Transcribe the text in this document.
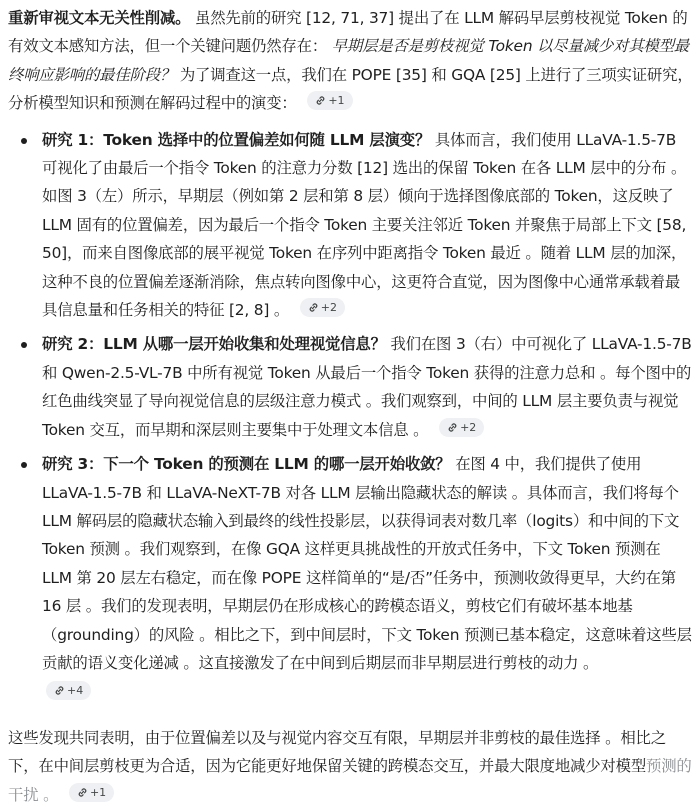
重新审视文本无关性削减。 虽然先前的研究 [12, 71, 37] 提出了在 LLM 解码早层剪枝视觉 Token 的有效文本感知方法，但一个关键问题仍然存在： 早期层是否是剪枝视觉 Token 以尽量减少对其模型最终响应影响的最佳阶段？ 为了调查这一点，我们在 POPE [35] 和 GQA [25] 上进行了三项实证研究，分析模型知识和预测在解码过程中的演变：	+1

研究 1：Token 选择中的位置偏差如何随 LLM 层演变？ 具体而言，我们使用 LLaVA-1.5-7B 可视化了由最后一个指令 Token 的注意力分数 [12] 选出的保留 Token 在各 LLM 层中的分布 。如图 3（左）所示，早期层（例如第 2 层和第 8 层）倾向于选择图像底部的 Token，这反映了 LLM 固有的位置偏差，因为最后一个指令 Token 主要关注邻近 Token 并聚焦于局部上下文 [58, 50]，而来自图像底部的展平视觉 Token 在序列中距离指令 Token 最近 。随着 LLM 层的加深，这种不良的位置偏差逐渐消除，焦点转向图像中心，这更符合直觉，因为图像中心通常承载着最具信息量和任务相关的特征 [2, 8] 。	+2
研究 2：LLM 从哪一层开始收集和处理视觉信息？ 我们在图 3（右）中可视化了 LLaVA-1.5-7B 和 Qwen-2.5-VL-7B 中所有视觉 Token 从最后一个指令 Token 获得的注意力总和 。每个图中的红色曲线突显了导向视觉信息的层级注意力模式 。我们观察到，中间的 LLM 层主要负责与视觉 Token 交互，而早期和深层则主要集中于处理文本信息 。	+2
研究 3：下一个 Token 的预测在 LLM 的哪一层开始收敛？ 在图 4 中，我们提供了使用 LLaVA-1.5-7B 和 LLaVA-NeXT-7B 对各 LLM 层输出隐藏状态的解读 。具体而言，我们将每个 LLM 解码层的隐藏状态输入到最终的线性投影层，以获得词表对数几率（logits）和中间的下文 Token 预测 。我们观察到，在像 GQA 这样更具挑战性的开放式任务中，下文 Token 预测在 LLM 第 20 层左右稳定，而在像 POPE 这样简单的“是/否”任务中，预测收敛得更早，大约在第 16 层 。我们的发现表明，早期层仍在形成核心的跨模态语义，剪枝它们有破坏基本地基（grounding）的风险 。相比之下，到中间层时，下文 Token 预测已基本稳定，这意味着这些层贡献的语义变化递减 。这直接激发了在中间到后期层而非早期层进行剪枝的动力 。
+4

这些发现共同表明，由于位置偏差以及与视觉内容交互有限，早期层并非剪枝的最佳选择 。相比之下，在中间层剪枝更为合适，因为它能更好地保留关键的跨模态交互，并最大限度地减少对模型预测的干扰 。	+1
